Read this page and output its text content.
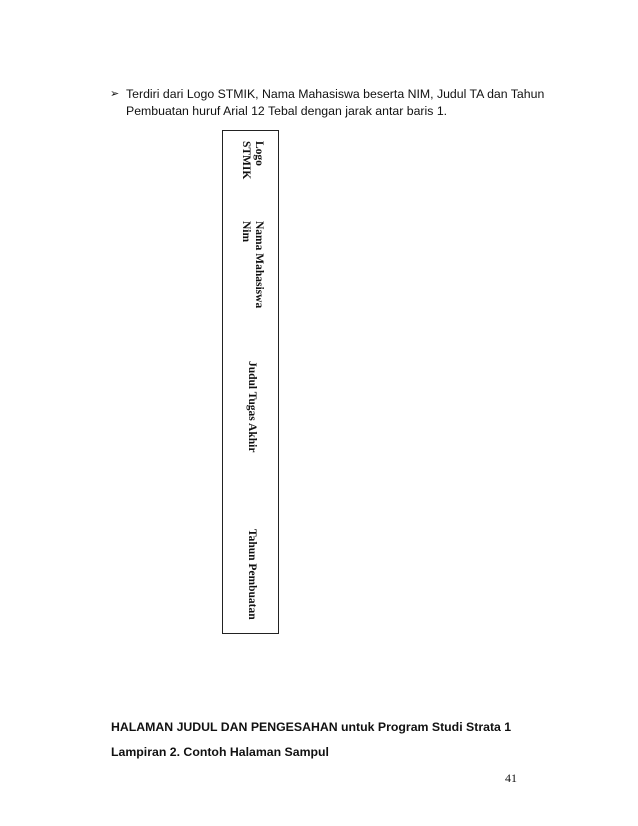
➢ Terdiri dari Logo STMIK, Nama Mahasiswa beserta NIM, Judul TA dan Tahun
Pembuatan huruf Arial 12 Tebal dengan jarak antar baris 1.
Logo
STMIK
Nama Mahasiswa
Nim
Judul Tugas Akhir
Tahun Pembuatan
HALAMAN JUDUL DAN PENGESAHAN untuk Program Studi Strata 1
Lampiran 2. Contoh Halaman Sampul
41
